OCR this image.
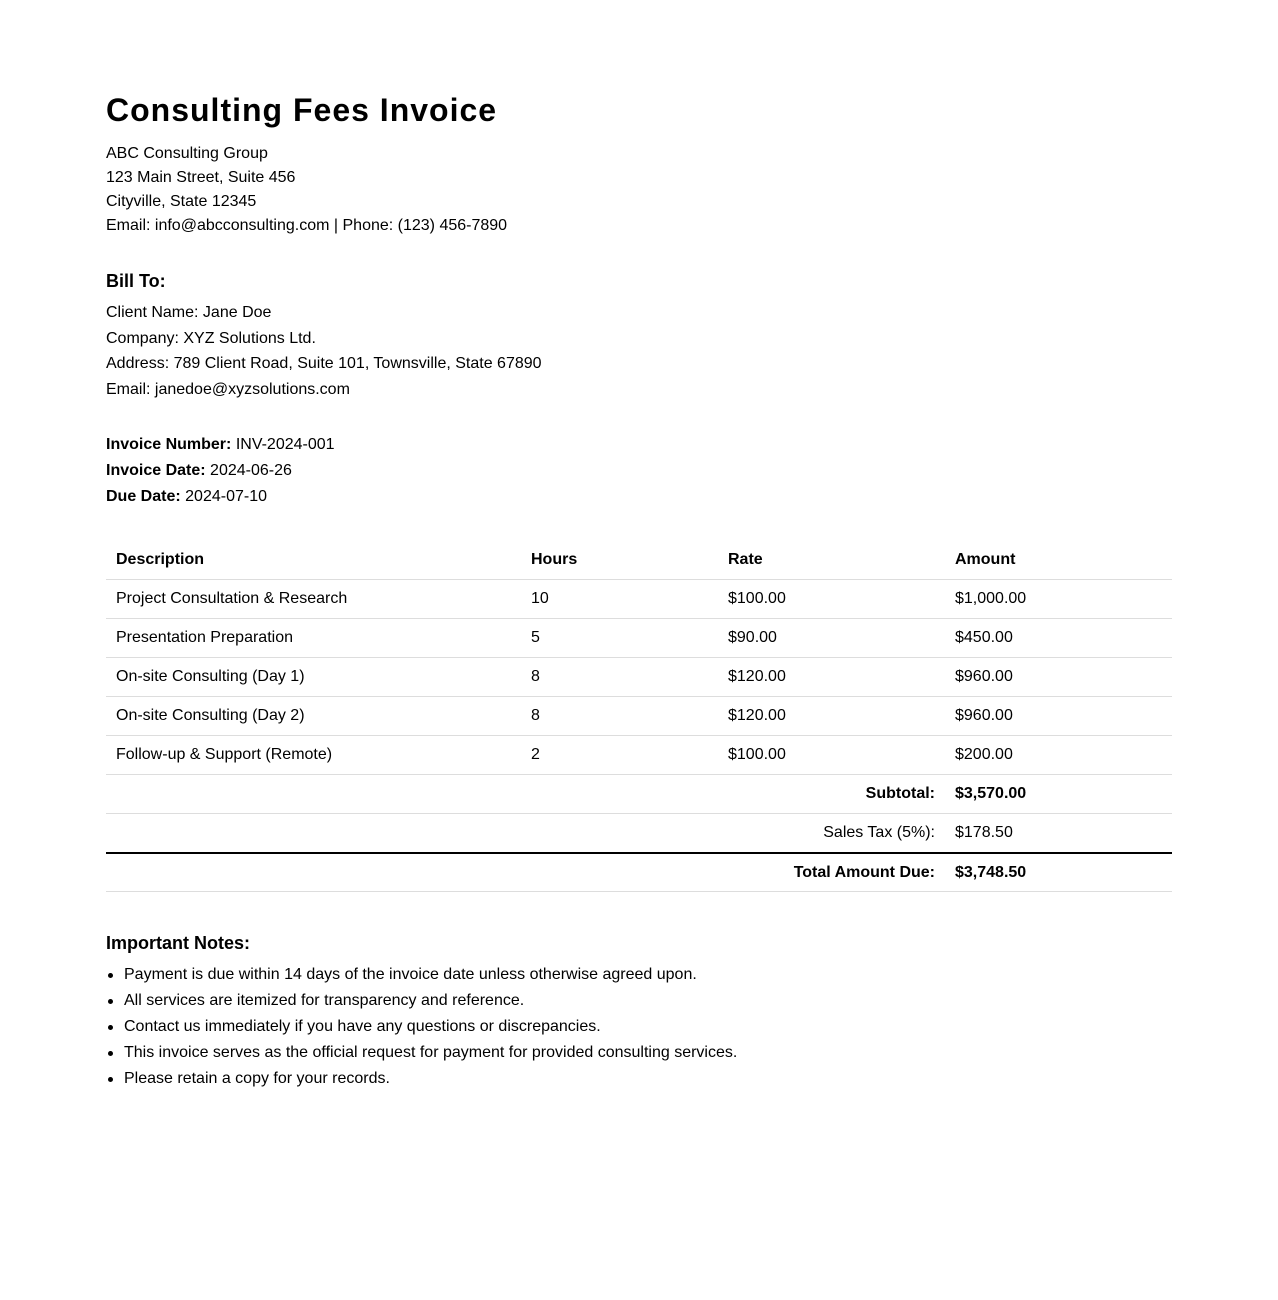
Consulting Fees Invoice
ABC Consulting Group
123 Main Street, Suite 456
Cityville, State 12345
Email: info@abcconsulting.com | Phone: (123) 456-7890
Bill To:
Client Name: Jane Doe
Company: XYZ Solutions Ltd.
Address: 789 Client Road, Suite 101, Townsville, State 67890
Email: janedoe@xyzsolutions.com
Invoice Number: INV-2024-001
Invoice Date: 2024-06-26
Due Date: 2024-07-10
Description	Hours	Rate	Amount
Project Consultation & Research	10	$100.00	$1,000.00
Presentation Preparation	5	$90.00	$450.00
On-site Consulting (Day 1)	8	$120.00	$960.00
On-site Consulting (Day 2)	8	$120.00	$960.00
Follow-up & Support (Remote)	2	$100.00	$200.00
Subtotal:			$3,570.00
Sales Tax (5%):			$178.50
Total Amount Due:			$3,748.50
Important Notes:
Payment is due within 14 days of the invoice date unless otherwise agreed upon.
All services are itemized for transparency and reference.
Contact us immediately if you have any questions or discrepancies.
This invoice serves as the official request for payment for provided consulting services.
Please retain a copy for your records.
